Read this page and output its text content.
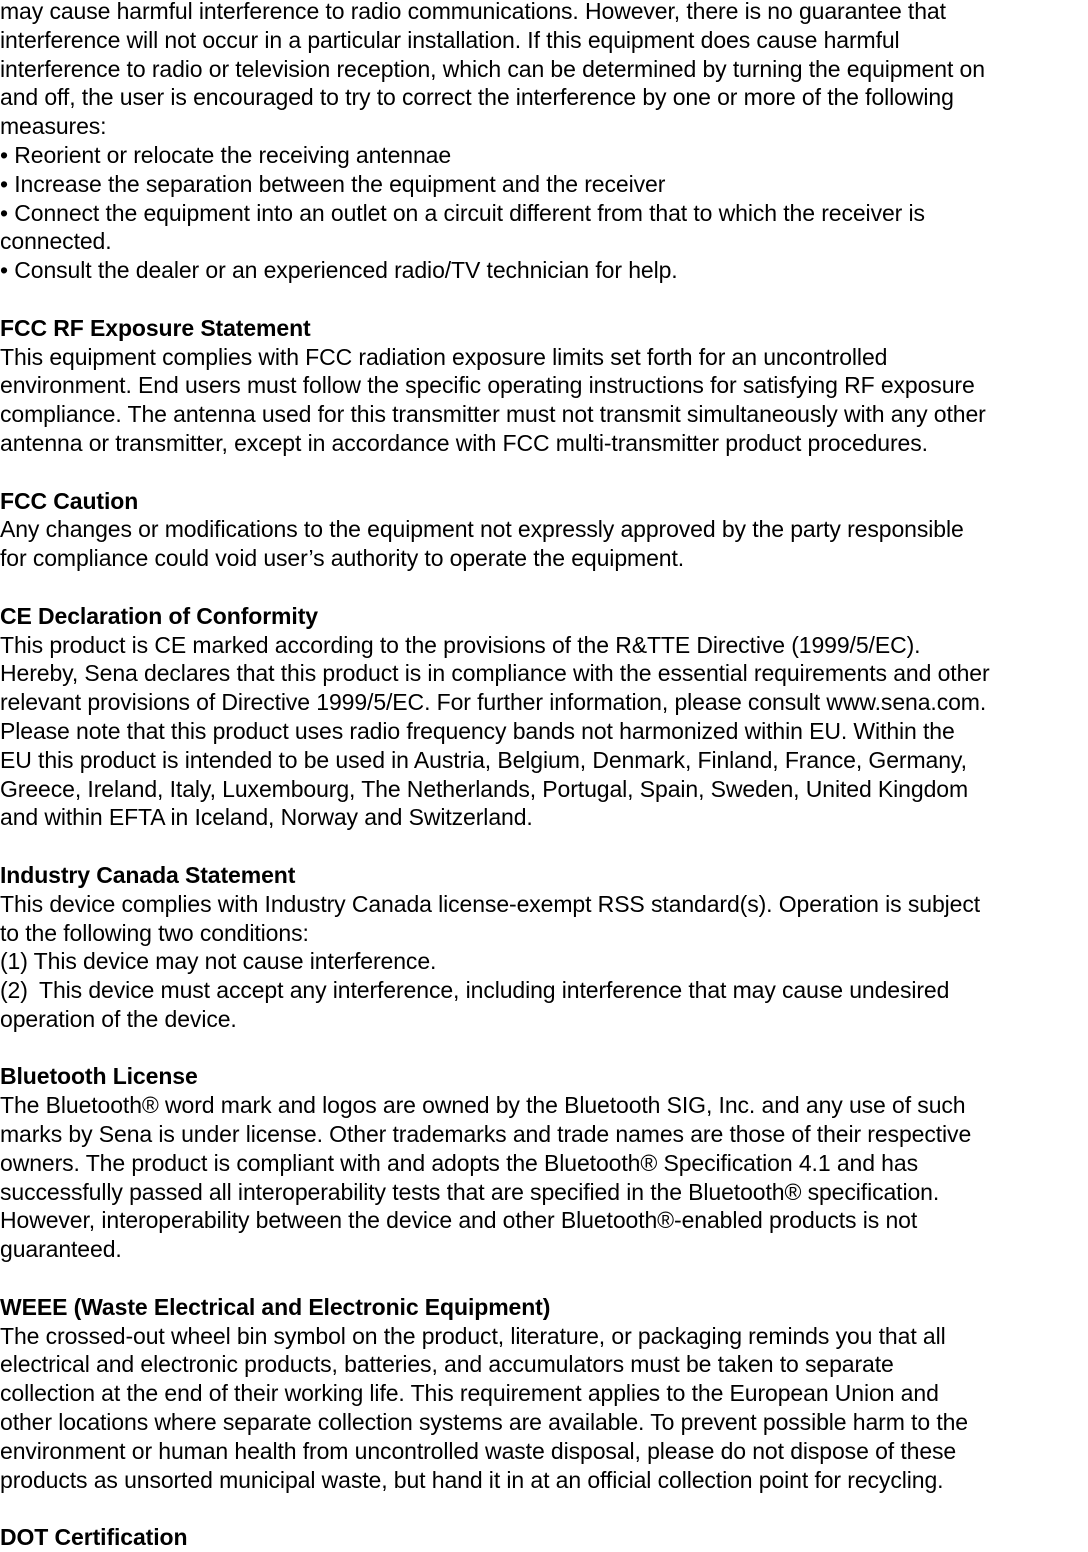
may cause harmful interference to radio communications. However, there is no guarantee that
interference will not occur in a particular installation. If this equipment does cause harmful
interference to radio or television reception, which can be determined by turning the equipment on
and off, the user is encouraged to try to correct the interference by one or more of the following
measures:
• Reorient or relocate the receiving antennae
• Increase the separation between the equipment and the receiver
• Connect the equipment into an outlet on a circuit different from that to which the receiver is
connected.
• Consult the dealer or an experienced radio/TV technician for help.
FCC RF Exposure Statement
This equipment complies with FCC radiation exposure limits set forth for an uncontrolled
environment. End users must follow the specific operating instructions for satisfying RF exposure
compliance. The antenna used for this transmitter must not transmit simultaneously with any other
antenna or transmitter, except in accordance with FCC multi-transmitter product procedures.
FCC Caution
Any changes or modifications to the equipment not expressly approved by the party responsible
for compliance could void user’s authority to operate the equipment.
CE Declaration of Conformity
This product is CE marked according to the provisions of the R&TTE Directive (1999/5/EC).
Hereby, Sena declares that this product is in compliance with the essential requirements and other
relevant provisions of Directive 1999/5/EC. For further information, please consult www.sena.com.
Please note that this product uses radio frequency bands not harmonized within EU. Within the
EU this product is intended to be used in Austria, Belgium, Denmark, Finland, France, Germany,
Greece, Ireland, Italy, Luxembourg, The Netherlands, Portugal, Spain, Sweden, United Kingdom
and within EFTA in Iceland, Norway and Switzerland.
Industry Canada Statement
This device complies with Industry Canada license-exempt RSS standard(s). Operation is subject
to the following two conditions:
(1) This device may not cause interference.
(2) This device must accept any interference, including interference that may cause undesired
operation of the device.
Bluetooth License
The Bluetooth® word mark and logos are owned by the Bluetooth SIG, Inc. and any use of such
marks by Sena is under license. Other trademarks and trade names are those of their respective
owners. The product is compliant with and adopts the Bluetooth® Specification 4.1 and has
successfully passed all interoperability tests that are specified in the Bluetooth® specification.
However, interoperability between the device and other Bluetooth®-enabled products is not
guaranteed.
WEEE (Waste Electrical and Electronic Equipment)
The crossed-out wheel bin symbol on the product, literature, or packaging reminds you that all
electrical and electronic products, batteries, and accumulators must be taken to separate
collection at the end of their working life. This requirement applies to the European Union and
other locations where separate collection systems are available. To prevent possible harm to the
environment or human health from uncontrolled waste disposal, please do not dispose of these
products as unsorted municipal waste, but hand it in at an official collection point for recycling.
DOT Certification
